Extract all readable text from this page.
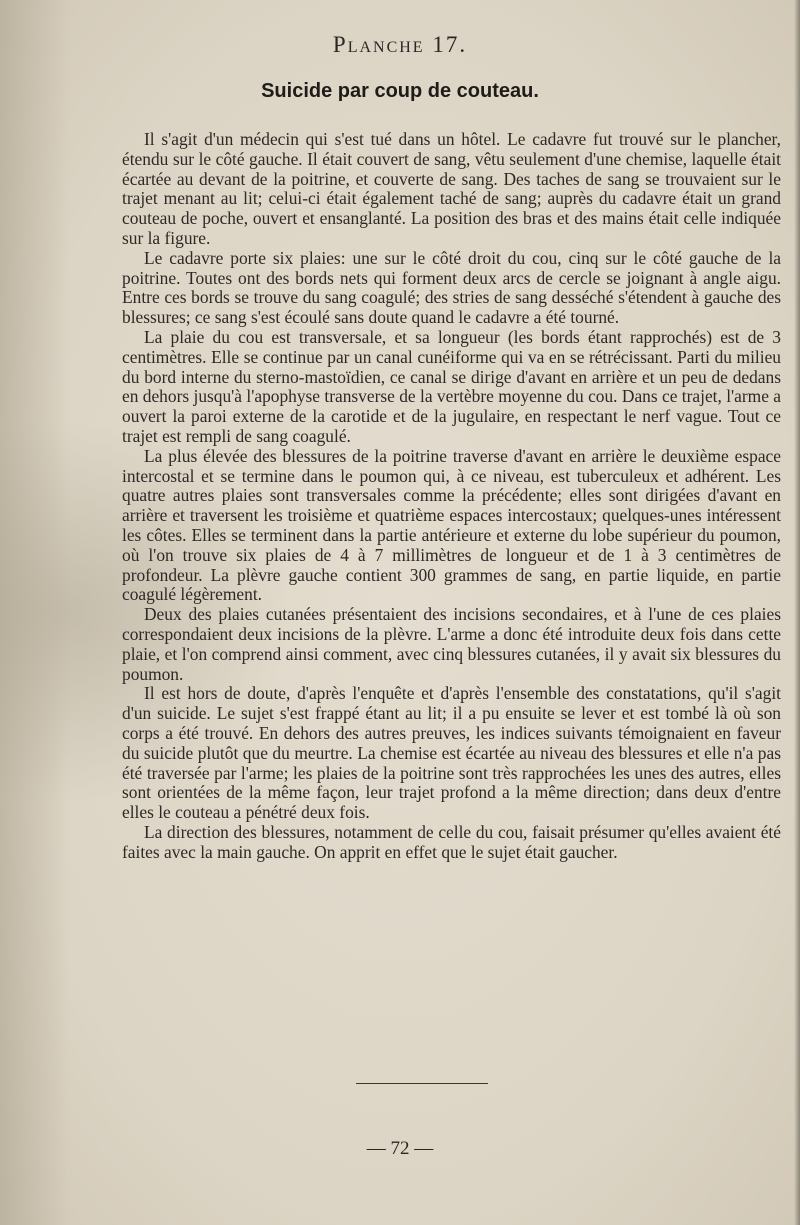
Planche 17.
Suicide par coup de couteau.

Il s'agit d'un médecin qui s'est tué dans un hôtel. Le cadavre fut trouvé sur le plancher, étendu sur le côté gauche. Il était couvert de sang, vêtu seulement d'une chemise, laquelle était écartée au devant de la poitrine, et couverte de sang. Des taches de sang se trouvaient sur le trajet menant au lit; celui-ci était également taché de sang; auprès du cadavre était un grand couteau de poche, ouvert et ensanglanté. La position des bras et des mains était celle indiquée sur la figure.

Le cadavre porte six plaies: une sur le côté droit du cou, cinq sur le côté gauche de la poitrine. Toutes ont des bords nets qui forment deux arcs de cercle se joignant à angle aigu. Entre ces bords se trouve du sang coagulé; des stries de sang desséché s'étendent à gauche des blessures; ce sang s'est écoulé sans doute quand le cadavre a été tourné.

La plaie du cou est transversale, et sa longueur (les bords étant rapprochés) est de 3 centimètres. Elle se continue par un canal cunéiforme qui va en se rétrécissant. Parti du milieu du bord interne du sterno-mastoïdien, ce canal se dirige d'avant en arrière et un peu de dedans en dehors jusqu'à l'apophyse transverse de la vertèbre moyenne du cou. Dans ce trajet, l'arme a ouvert la paroi externe de la carotide et de la jugulaire, en respectant le nerf vague. Tout ce trajet est rempli de sang coagulé.

La plus élevée des blessures de la poitrine traverse d'avant en arrière le deuxième espace intercostal et se termine dans le poumon qui, à ce niveau, est tuberculeux et adhérent. Les quatre autres plaies sont transversales comme la précédente; elles sont dirigées d'avant en arrière et traversent les troisième et quatrième espaces intercostaux; quelques-unes intéressent les côtes. Elles se terminent dans la partie antérieure et externe du lobe supérieur du poumon, où l'on trouve six plaies de 4 à 7 millimètres de longueur et de 1 à 3 centimètres de profondeur. La plèvre gauche contient 300 grammes de sang, en partie liquide, en partie coagulé légèrement.

Deux des plaies cutanées présentaient des incisions secondaires, et à l'une de ces plaies correspondaient deux incisions de la plèvre. L'arme a donc été introduite deux fois dans cette plaie, et l'on comprend ainsi comment, avec cinq blessures cutanées, il y avait six blessures du poumon.

Il est hors de doute, d'après l'enquête et d'après l'ensemble des constatations, qu'il s'agit d'un suicide. Le sujet s'est frappé étant au lit; il a pu ensuite se lever et est tombé là où son corps a été trouvé. En dehors des autres preuves, les indices suivants témoignaient en faveur du suicide plutôt que du meurtre. La chemise est écartée au niveau des blessures et elle n'a pas été traversée par l'arme; les plaies de la poitrine sont très rapprochées les unes des autres, elles sont orientées de la même façon, leur trajet profond a la même direction; dans deux d'entre elles le couteau a pénétré deux fois.

La direction des blessures, notamment de celle du cou, faisait présumer qu'elles avaient été faites avec la main gauche. On apprit en effet que le sujet était gaucher.

— 72 —
